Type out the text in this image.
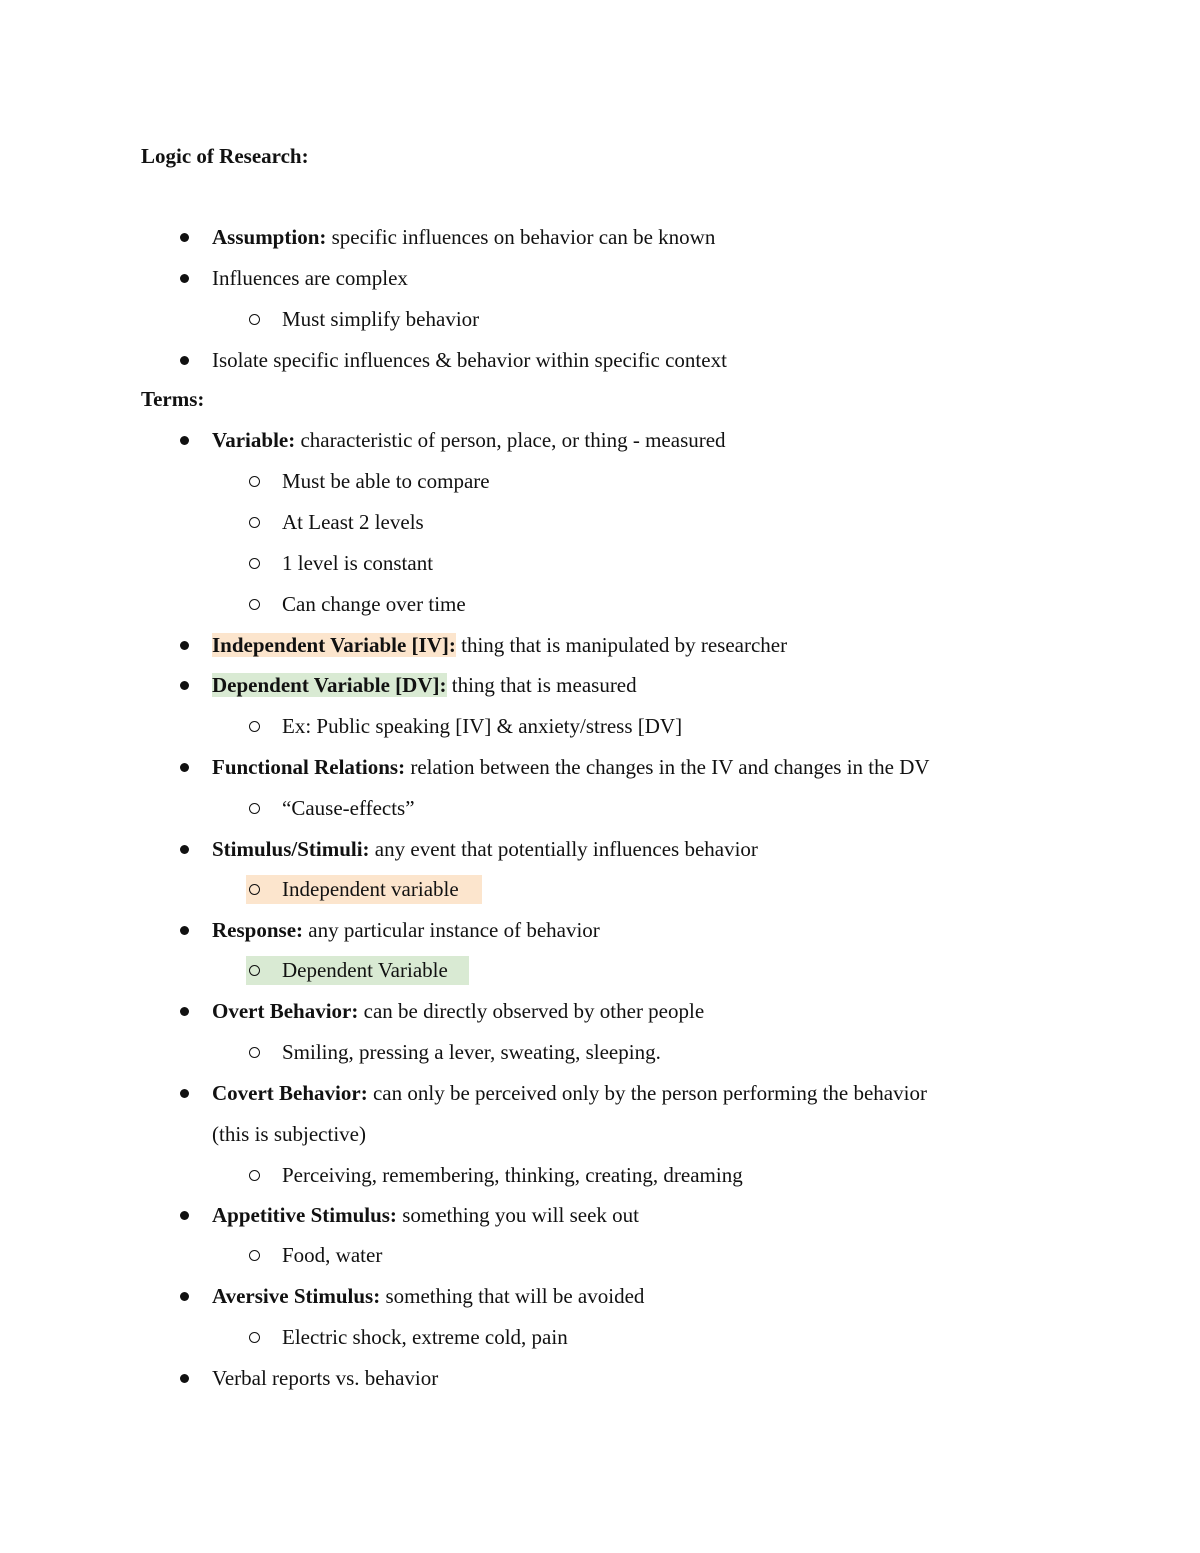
Logic of Research:
Assumption: specific influences on behavior can be known
Influences are complex
Must simplify behavior
Isolate specific influences & behavior within specific context
Terms:
Variable: characteristic of person, place, or thing - measured
Must be able to compare
At Least 2 levels
1 level is constant
Can change over time
Independent Variable [IV]: thing that is manipulated by researcher
Dependent Variable [DV]: thing that is measured
Ex: Public speaking [IV] & anxiety/stress [DV]
Functional Relations: relation between the changes in the IV and changes in the DV
“Cause-effects”
Stimulus/Stimuli: any event that potentially influences behavior
Independent variable
Response: any particular instance of behavior
Dependent Variable
Overt Behavior: can be directly observed by other people
Smiling, pressing a lever, sweating, sleeping.
Covert Behavior: can only be perceived only by the person performing the behavior
(this is subjective)
Perceiving, remembering, thinking, creating, dreaming
Appetitive Stimulus: something you will seek out
Food, water
Aversive Stimulus: something that will be avoided
Electric shock, extreme cold, pain
Verbal reports vs. behavior
